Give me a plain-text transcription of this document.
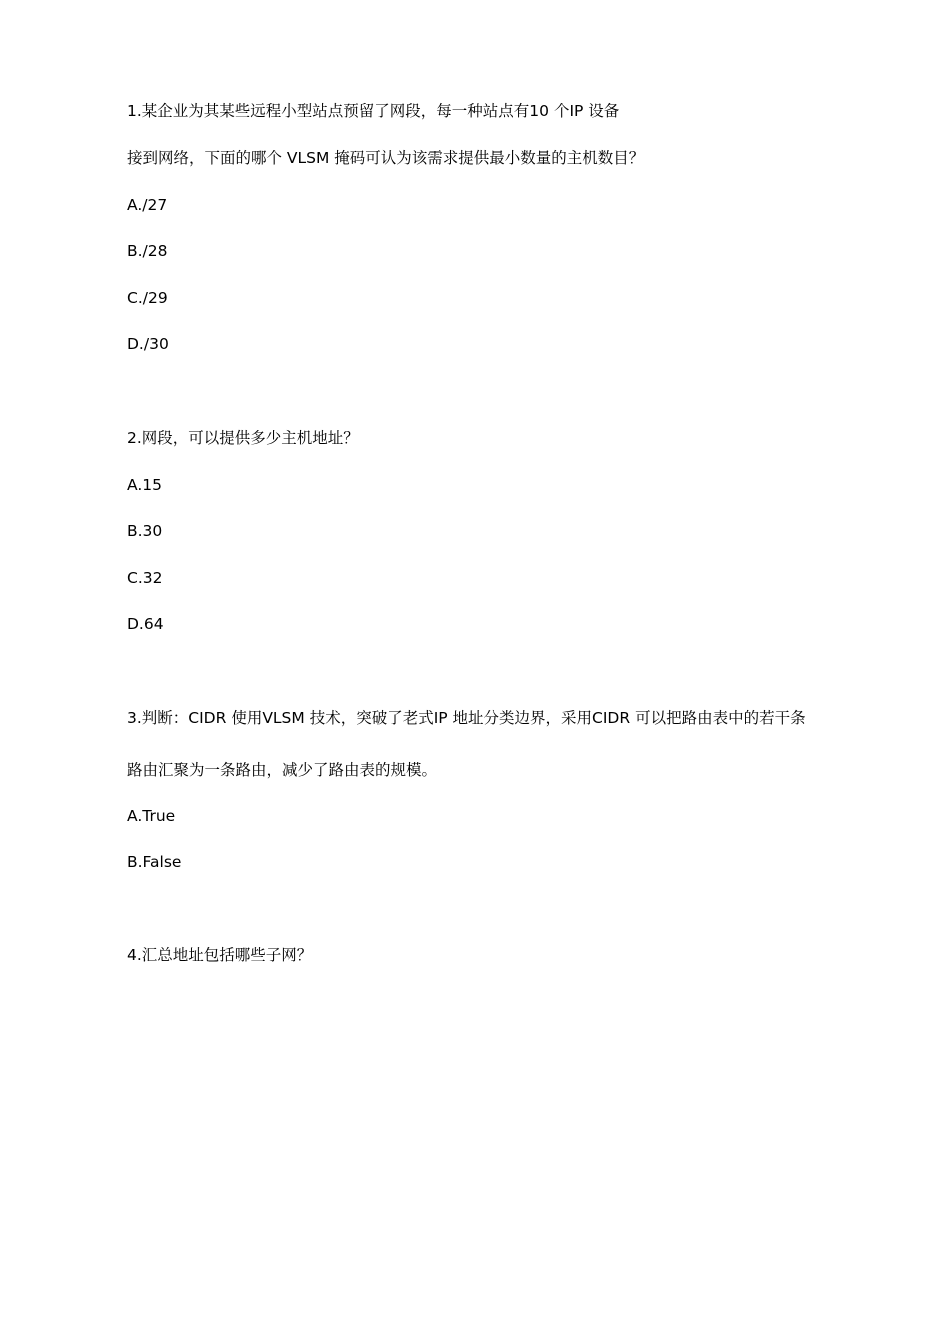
1.某企业为其某些远程小型站点预留了网段，每一种站点有10 个IP 设备
接到网络，下面的哪个 VLSM 掩码可认为该需求提供最小数量的主机数目？
A./27
B./28
C./29
D./30
2.网段，可以提供多少主机地址？
A.15
B.30
C.32
D.64
3.判断：CIDR 使用VLSM 技术，突破了老式IP 地址分类边界，采用CIDR 可以把路由表中的若干条
路由汇聚为一条路由，减少了路由表的规模。
A.True
B.False
4.汇总地址包括哪些子网？
